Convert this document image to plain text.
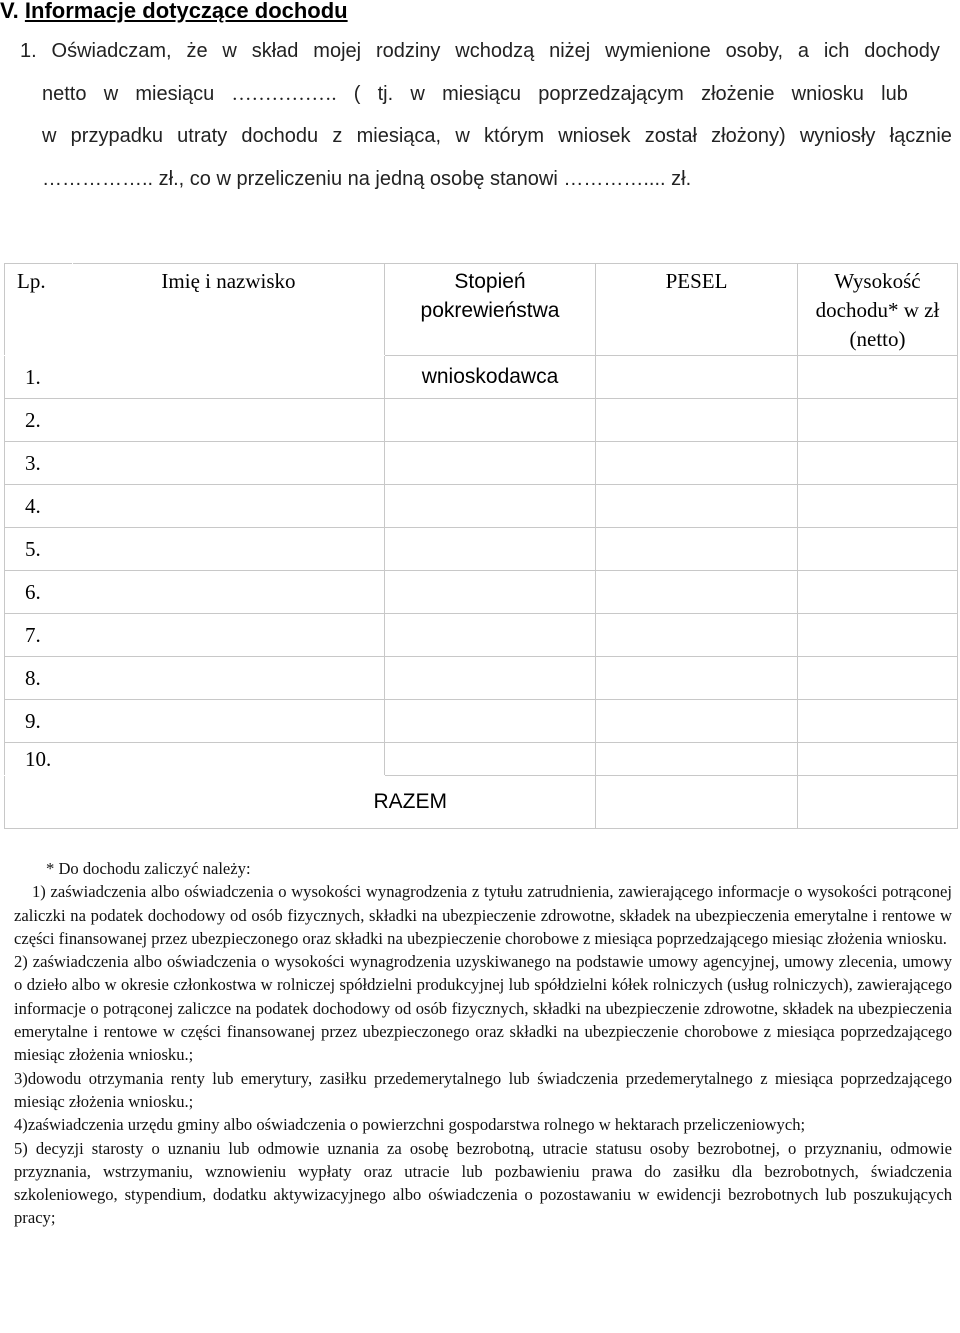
V. Informacje dotyczące dochodu
1. Oświadczam, że w skład mojej rodziny wchodzą niżej wymienione osoby, a ich dochody
netto w miesiącu ……………. ( tj. w miesiącu poprzedzającym złożenie wniosku lub
w przypadku utraty dochodu z miesiąca, w którym wniosek został złożony) wyniosły łącznie
…………….. zł., co w przeliczeniu na jedną osobę stanowi ………….... zł.
Lp.	Imię i nazwisko	Stopień pokrewieństwa	PESEL	Wysokość dochodu* w zł (netto)
1.		wnioskodawca		
2.				
3.				
4.				
5.				
6.				
7.				
8.				
9.				
10.				
RAZEM				

* Do dochodu zaliczyć należy:

1) zaświadczenia albo oświadczenia o wysokości wynagrodzenia z tytułu zatrudnienia, zawierającego informacje o wysokości potrąconej zaliczki na podatek dochodowy od osób fizycznych, składki na ubezpieczenie zdrowotne, składek na ubezpieczenia emerytalne i rentowe w części finansowanej przez ubezpieczonego oraz składki na ubezpieczenie chorobowe z miesiąca poprzedzającego miesiąc złożenia wniosku.

2) zaświadczenia albo oświadczenia o wysokości wynagrodzenia uzyskiwanego na podstawie umowy agencyjnej, umowy zlecenia, umowy o dzieło albo w okresie członkostwa w rolniczej spółdzielni produkcyjnej lub spółdzielni kółek rolniczych (usług rolniczych), zawierającego informacje o potrąconej zaliczce na podatek dochodowy od osób fizycznych, składki na ubezpieczenie zdrowotne, składek na ubezpieczenia emerytalne i rentowe w części finansowanej przez ubezpieczonego oraz składki na ubezpieczenie chorobowe z miesiąca poprzedzającego miesiąc złożenia wniosku.;

3)dowodu otrzymania renty lub emerytury, zasiłku przedemerytalnego lub świadczenia przedemerytalnego z miesiąca poprzedzającego miesiąc złożenia wniosku.;

4)zaświadczenia urzędu gminy albo oświadczenia o powierzchni gospodarstwa rolnego w hektarach przeliczeniowych;

5) decyzji starosty o uznaniu lub odmowie uznania za osobę bezrobotną, utracie statusu osoby bezrobotnej, o przyznaniu, odmowie przyznania, wstrzymaniu, wznowieniu wypłaty oraz utracie lub pozbawieniu prawa do zasiłku dla bezrobotnych, świadczenia szkoleniowego, stypendium, dodatku aktywizacyjnego albo oświadczenia o pozostawaniu w ewidencji bezrobotnych lub poszukujących pracy;
